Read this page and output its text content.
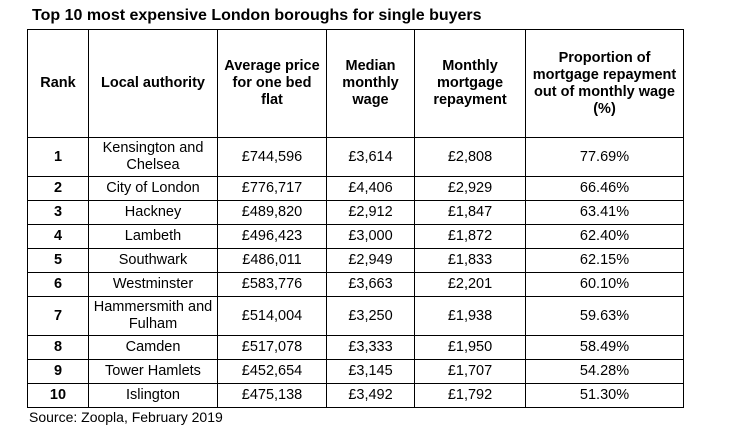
Top 10 most expensive London boroughs for single buyers
Rank	Local authority	Average price for one bed flat	Median monthly wage	Monthly mortgage repayment	Proportion of mortgage repayment out of monthly wage (%)
1	Kensington and Chelsea	£744,596	£3,614	£2,808	77.69%
2	City of London	£776,717	£4,406	£2,929	66.46%
3	Hackney	£489,820	£2,912	£1,847	63.41%
4	Lambeth	£496,423	£3,000	£1,872	62.40%
5	Southwark	£486,011	£2,949	£1,833	62.15%
6	Westminster	£583,776	£3,663	£2,201	60.10%
7	Hammersmith and Fulham	£514,004	£3,250	£1,938	59.63%
8	Camden	£517,078	£3,333	£1,950	58.49%
9	Tower Hamlets	£452,654	£3,145	£1,707	54.28%
10	Islington	£475,138	£3,492	£1,792	51.30%
Source: Zoopla, February 2019
